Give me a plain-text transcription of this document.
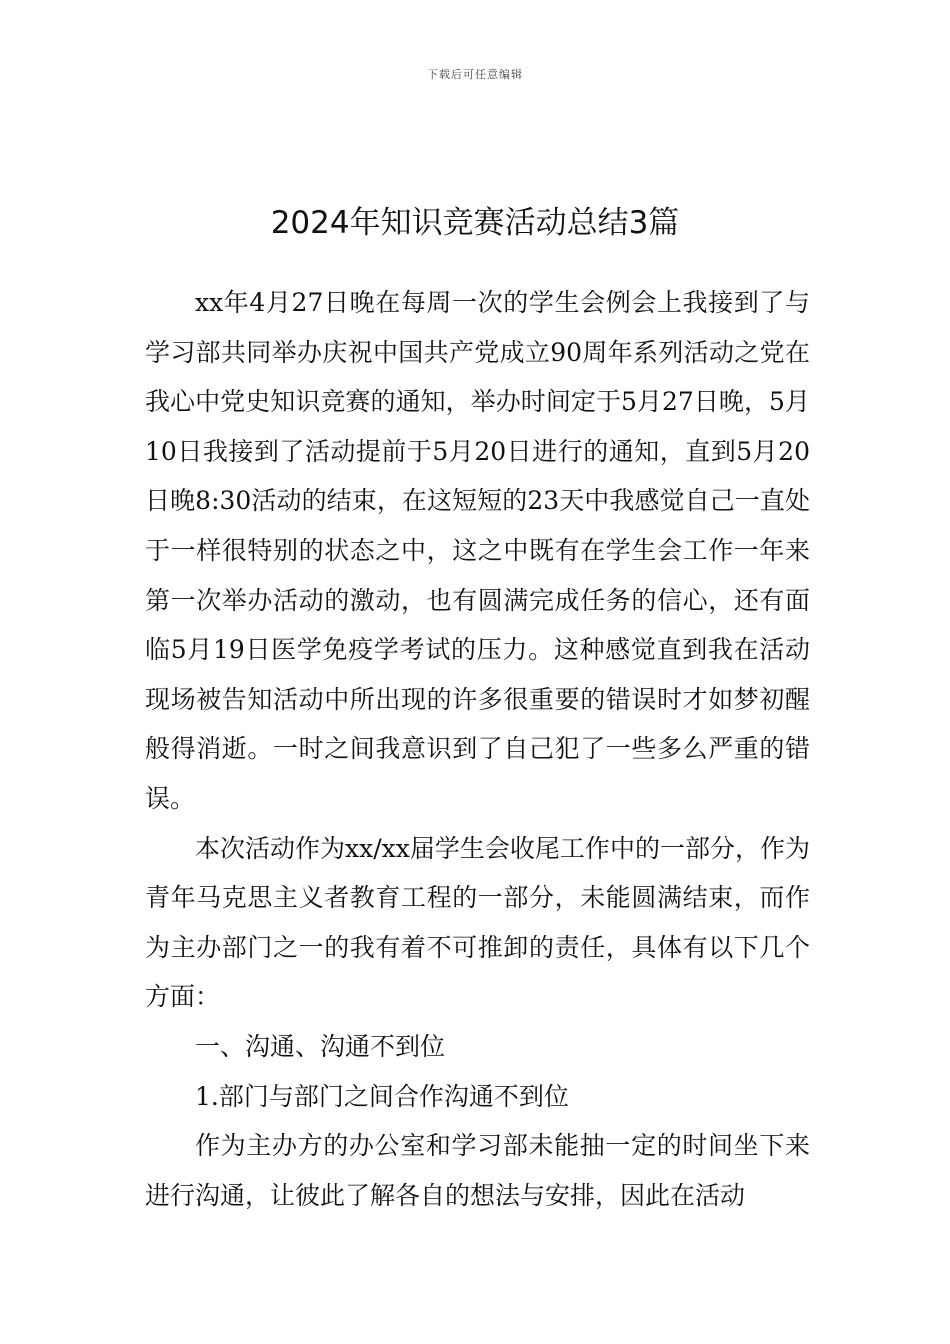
下载后可任意编辑
2024年知识竞赛活动总结3篇

xx年4月27日晚在每周一次的学生会例会上我接到了与学习部共同举办庆祝中国共产党成立90周年系列活动之党在我心中党史知识竞赛的通知，举办时间定于5月27日晚，5月10日我接到了活动提前于5月20日进行的通知，直到5月20日晚8:30活动的结束，在这短短的23天中我感觉自己一直处于一样很特别的状态之中，这之中既有在学生会工作一年来第一次举办活动的激动，也有圆满完成任务的信心，还有面临5月19日医学免疫学考试的压力。这种感觉直到我在活动现场被告知活动中所出现的许多很重要的错误时才如梦初醒般得消逝。一时之间我意识到了自己犯了一些多么严重的错误。

本次活动作为xx/xx届学生会收尾工作中的一部分，作为青年马克思主义者教育工程的一部分，未能圆满结束，而作为主办部门之一的我有着不可推卸的责任，具体有以下几个方面：

一、沟通、沟通不到位

1.部门与部门之间合作沟通不到位

作为主办方的办公室和学习部未能抽一定的时间坐下来进行沟通，让彼此了解各自的想法与安排，因此在活动
